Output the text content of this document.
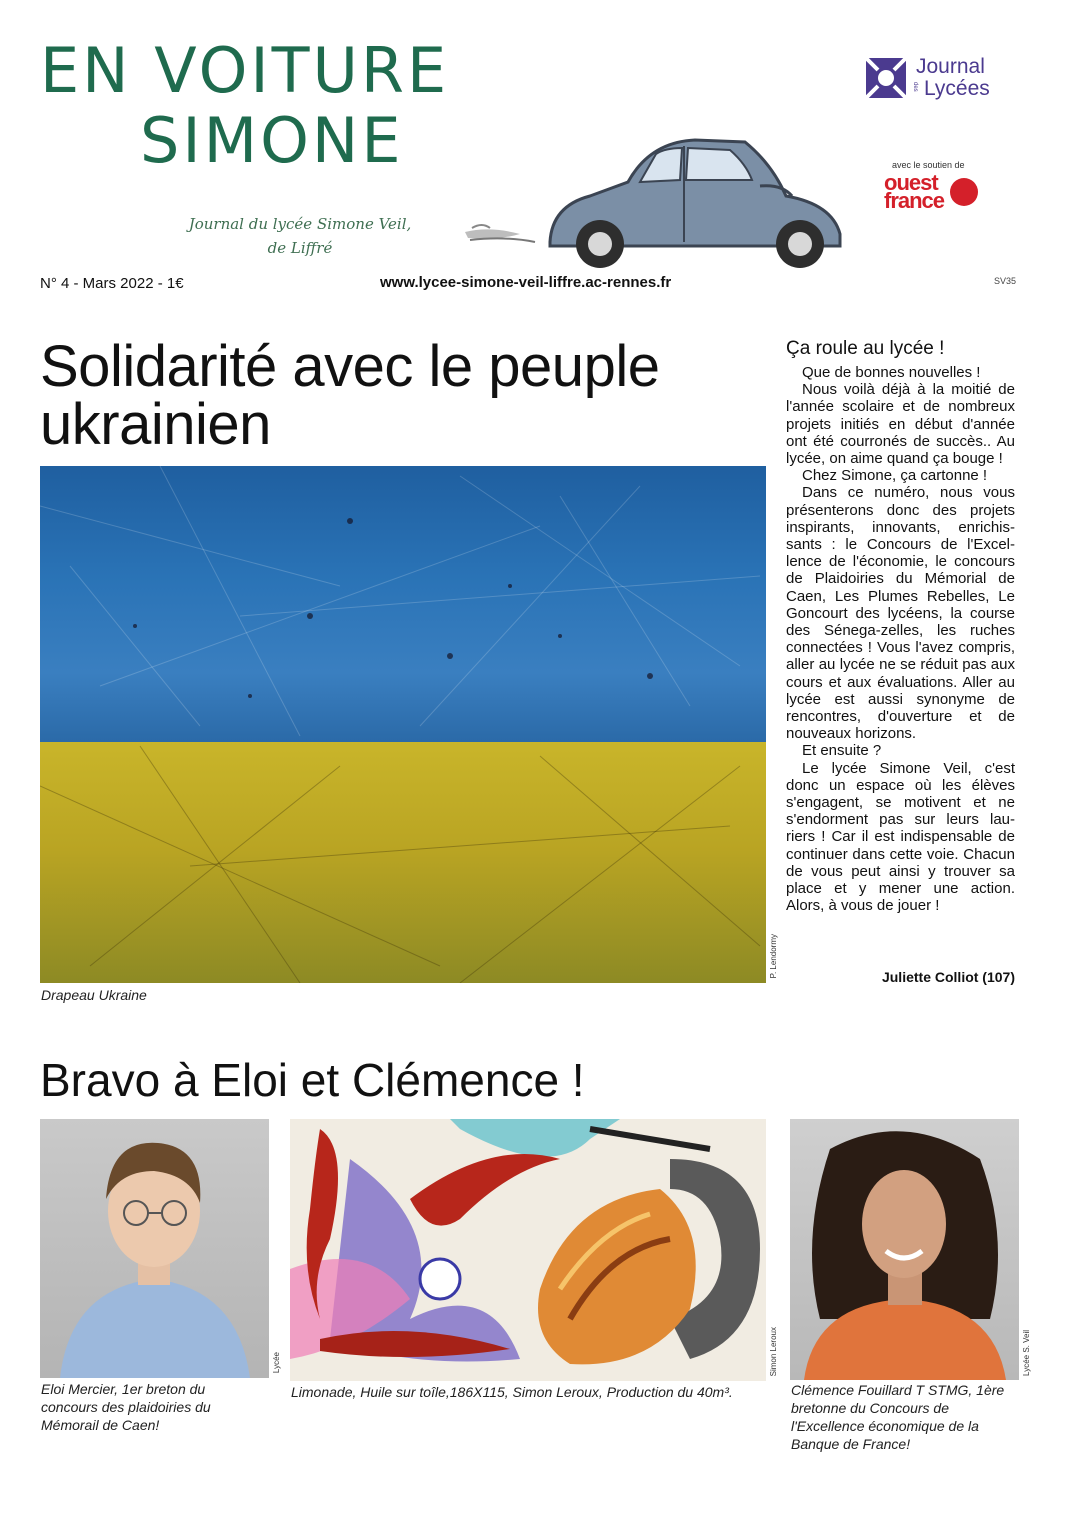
EN VOITURE
SIMONE
Journal du lycée Simone Veil,
de Liffré
Journal
Lycées
des
avec le soutien de
ouest
france
N° 4 - Mars 2022 - 1€	www.lycee-simone-veil-liffre.ac-rennes.fr	SV35
Solidarité avec le peuple ukrainien
P. Lendormy
Drapeau Ukraine
Ça roule au lycée !
Que de bonnes nouvelles !

Nous voilà déjà à la moitié de l'année scolaire et de nombreux projets initiés en début d'année ont été courronés de succès.. Au lycée, on aime quand ça bouge !

Chez Simone, ça cartonne !

Dans ce numéro, nous vous présenterons donc des projets inspirants, innovants, enrichis-sants : le Concours de l'Excel-lence de l'économie, le concours de Plaidoiries du Mémorial de Caen, Les Plumes Rebelles, Le Goncourt des lycéens, la course des Sénega-zelles, les ruches connectées ! Vous l'avez compris, aller au lycée ne se réduit pas aux cours et aux évaluations. Aller au lycée est aussi synonyme de rencontres, d'ouverture et de nouveaux horizons.

Et ensuite ?

Le lycée Simone Veil, c'est donc un espace où les élèves s'engagent, se motivent et ne s'endorment pas sur leurs lau-riers ! Car il est indispensable de continuer dans cette voie. Chacun de vous peut ainsi y trouver sa place et y mener une action. Alors, à vous de jouer !

Juliette Colliot (107)
Bravo à Eloi et Clémence !
Lycée
Eloi Mercier, 1er breton du concours des plaidoiries du Mémorail de Caen!
Simon Leroux
Limonade, Huile sur toîle,186X115, Simon Leroux, Production du 40m³.
Lycée S. Veil
Clémence Fouillard T STMG, 1ère bretonne du Concours de l'Excellence économique de la Banque de France!
